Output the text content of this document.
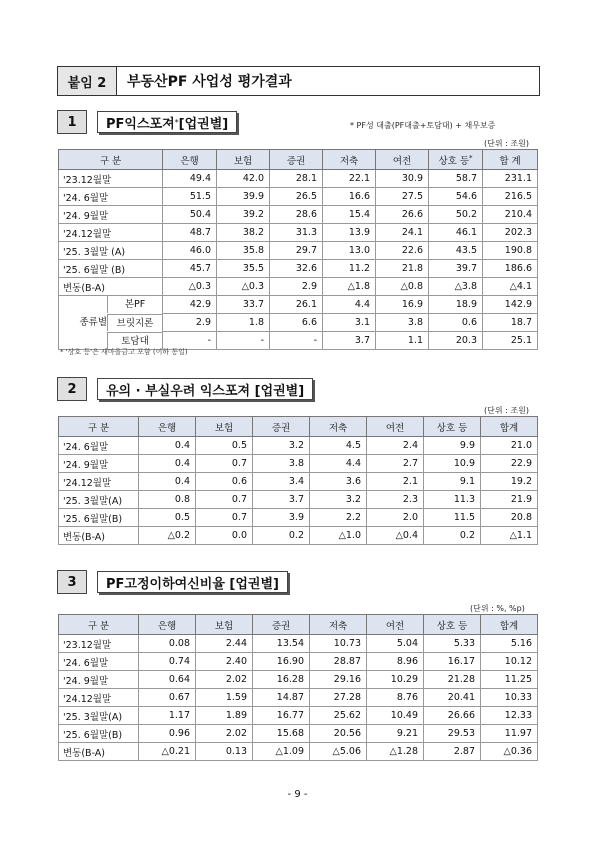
붙임 2	부동산PF 사업성 평가결과
1	PF익스포져 * [업권별]	* PF성 대출(PF대출+토담대) + 채무보증
(단위 : 조원)
구 분	은행	보험	증권	저축	여전	상호 등*	합 계
'23.12월말	49.4	42.0	28.1	22.1	30.9	58.7	231.1
'24. 6월말	51.5	39.9	26.5	16.6	27.5	54.6	216.5
'24. 9월말	50.4	39.2	28.6	15.4	26.6	50.2	210.4
'24.12월말	48.7	38.2	31.3	13.9	24.1	46.1	202.3
'25. 3월말 (A)	46.0	35.8	29.7	13.0	22.6	43.5	190.8
'25. 6월말 (B)	45.7	35.5	32.6	11.2	21.8	39.7	186.6
변동(B-A)	△0.3	△0.3	2.9	△1.8	△0.8	△3.8	△4.1

본PF	42.9	33.7	26.1	4.4	16.9	18.9	142.9

종류별 브릿지론	2.9	1.8	6.6	3.1	3.8	0.6	18.7

토담대	-	-	-	3.7	1.1	20.3	25.1
* '상호 등'은 새마을금고 포함 (이하 동일)
2	유의 · 부실우려 익스포져 [업권별]
(단위 : 조원)
구 분	은행	보험	증권	저축	여전	상호 등	합계
'24. 6월말	0.4	0.5	3.2	4.5	2.4	9.9	21.0
'24. 9월말	0.4	0.7	3.8	4.4	2.7	10.9	22.9
'24.12월말	0.4	0.6	3.4	3.6	2.1	9.1	19.2
'25. 3월말(A)	0.8	0.7	3.7	3.2	2.3	11.3	21.9
'25. 6월말(B)	0.5	0.7	3.9	2.2	2.0	11.5	20.8
변동(B-A)	△0.2	0.0	0.2	△1.0	△0.4	0.2	△1.1
3	PF고정이하여신비율 [업권별]
(단위 : %, %p)
구 분	은행	보험	증권	저축	여전	상호 등	합계
'23.12월말	0.08	2.44	13.54	10.73	5.04	5.33	5.16
'24. 6월말	0.74	2.40	16.90	28.87	8.96	16.17	10.12
'24. 9월말	0.64	2.02	16.28	29.16	10.29	21.28	11.25
'24.12월말	0.67	1.59	14.87	27.28	8.76	20.41	10.33
'25. 3월말(A)	1.17	1.89	16.77	25.62	10.49	26.66	12.33
'25. 6월말(B)	0.96	2.02	15.68	20.56	9.21	29.53	11.97
변동(B-A)	△0.21	0.13	△1.09	△5.06	△1.28	2.87	△0.36
- 9 -
